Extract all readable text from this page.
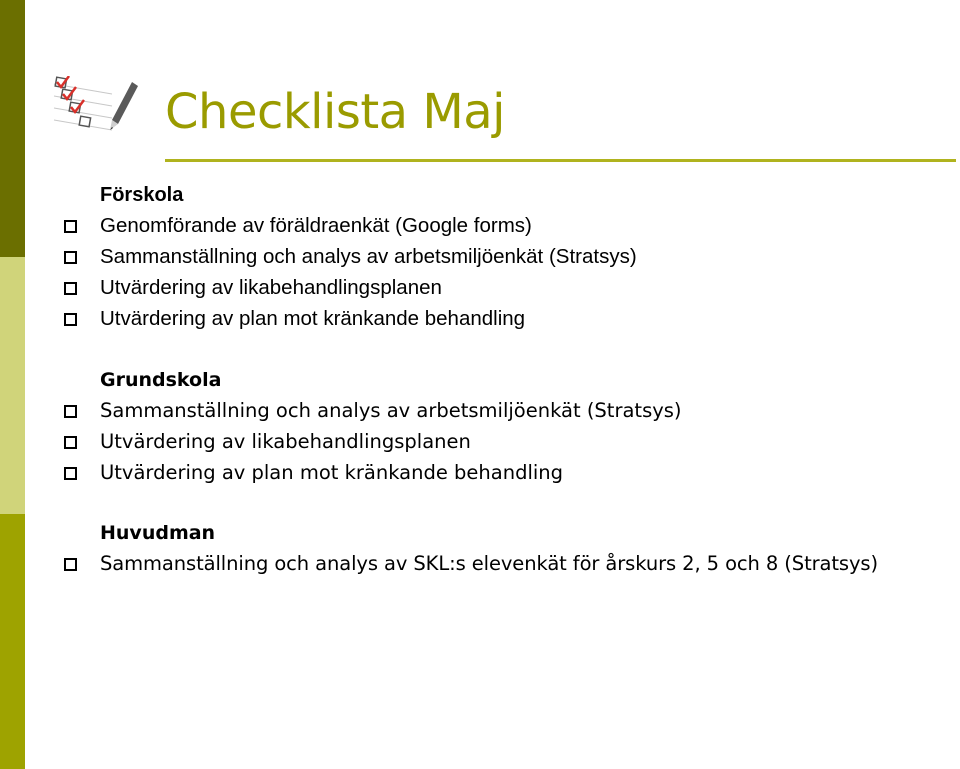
Checklista Maj
Förskola
Genomförande av föräldraenkät (Google forms)
Sammanställning och analys av arbetsmiljöenkät (Stratsys)
Utvärdering av likabehandlingsplanen
Utvärdering av plan mot kränkande behandling
Grundskola
Sammanställning och analys av arbetsmiljöenkät (Stratsys)
Utvärdering av likabehandlingsplanen
Utvärdering av plan mot kränkande behandling
Huvudman
Sammanställning och analys av SKL:s elevenkät för årskurs 2, 5 och 8 (Stratsys)
